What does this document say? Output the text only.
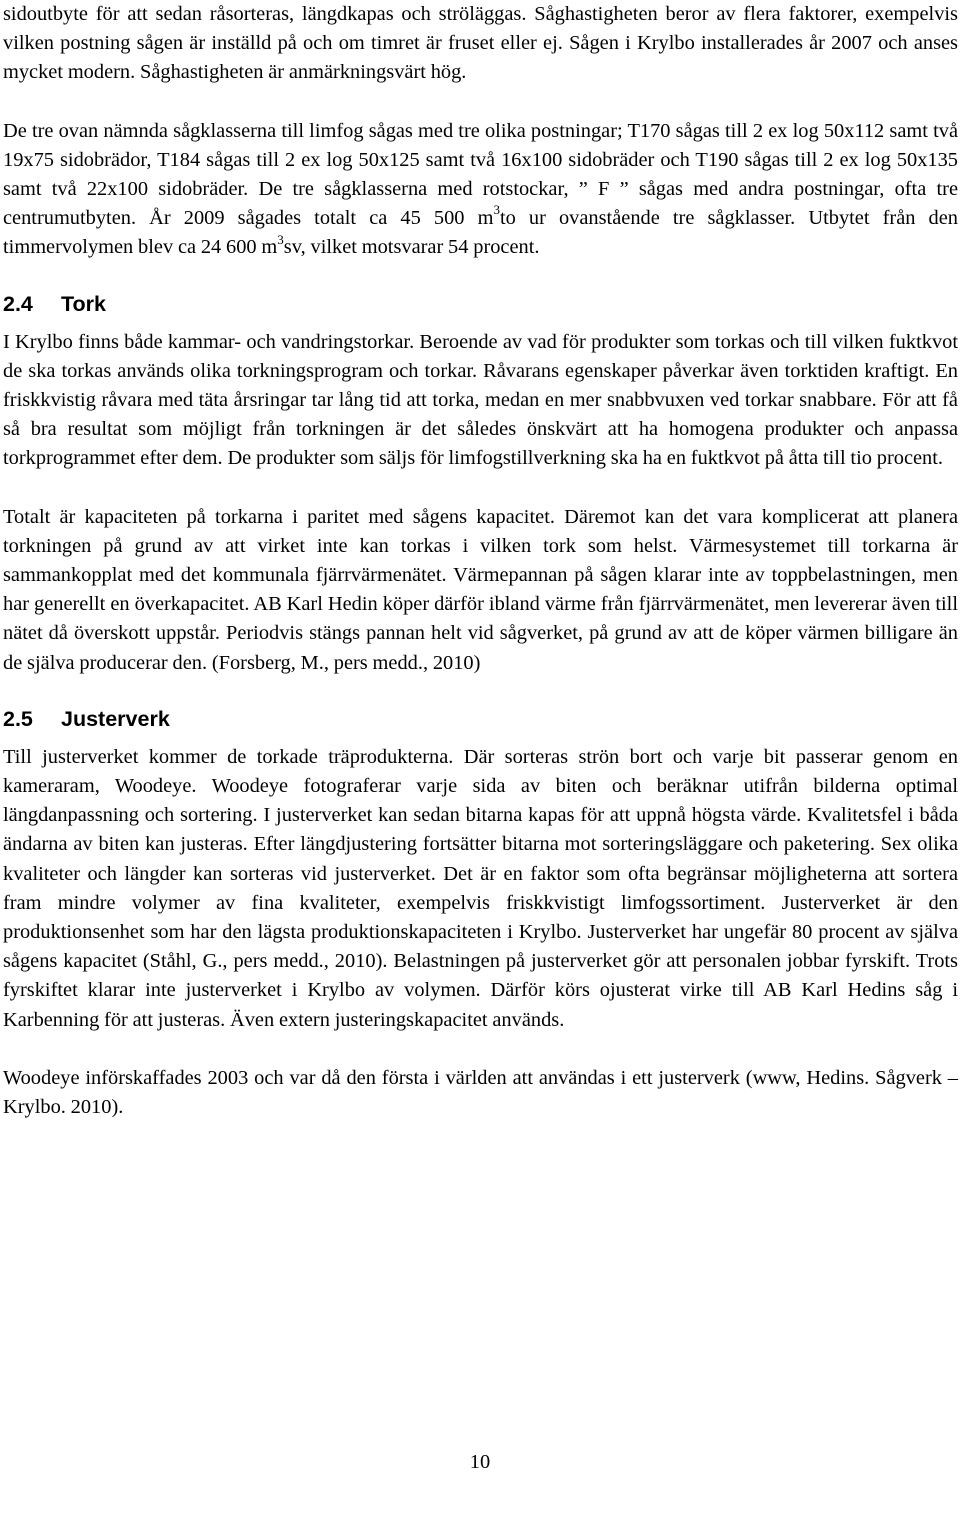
sidoutbyte för att sedan råsorteras, längdkapas och ströläggas. Såghastigheten beror av flera faktorer, exempelvis vilken postning sågen är inställd på och om timret är fruset eller ej. Sågen i Krylbo installerades år 2007 och anses mycket modern. Såghastigheten är anmärkningsvärt hög.

De tre ovan nämnda sågklasserna till limfog sågas med tre olika postningar; T170 sågas till 2 ex log 50x112 samt två 19x75 sidobrädor, T184 sågas till 2 ex log 50x125 samt två 16x100 sidobräder och T190 sågas till 2 ex log 50x135 samt två 22x100 sidobräder. De tre sågklasserna med rotstockar, ” F ” sågas med andra postningar, ofta tre centrumutbyten. År 2009 sågades totalt ca 45 500 $m^3to$ ur ovanstående tre sågklasser. Utbytet från den timmervolymen blev ca 24 600 $m^3sv$, vilket motsvarar 54 procent.

2.4 Tork

I Krylbo finns både kammar- och vandringstorkar. Beroende av vad för produkter som torkas och till vilken fuktkvot de ska torkas används olika torkningsprogram och torkar. Råvarans egenskaper påverkar även torktiden kraftigt. En friskkvistig råvara med täta årsringar tar lång tid att torka, medan en mer snabbvuxen ved torkar snabbare. För att få så bra resultat som möjligt från torkningen är det således önskvärt att ha homogena produkter och anpassa torkprogrammet efter dem. De produkter som säljs för limfogstillverkning ska ha en fuktkvot på åtta till tio procent.

Totalt är kapaciteten på torkarna i paritet med sågens kapacitet. Däremot kan det vara komplicerat att planera torkningen på grund av att virket inte kan torkas i vilken tork som helst. Värmesystemet till torkarna är sammankopplat med det kommunala fjärrvärmenätet. Värmepannan på sågen klarar inte av toppbelastningen, men har generellt en överkapacitet. AB Karl Hedin köper därför ibland värme från fjärrvärmenätet, men levererar även till nätet då överskott uppstår. Periodvis stängs pannan helt vid sågverket, på grund av att de köper värmen billigare än de själva producerar den. (Forsberg, M., pers medd., 2010)

2.5 Justerverk

Till justerverket kommer de torkade träprodukterna. Där sorteras strön bort och varje bit passerar genom en kameraram, Woodeye. Woodeye fotograferar varje sida av biten och beräknar utifrån bilderna optimal längdanpassning och sortering. I justerverket kan sedan bitarna kapas för att uppnå högsta värde. Kvalitetsfel i båda ändarna av biten kan justeras. Efter längdjustering fortsätter bitarna mot sorteringsläggare och paketering. Sex olika kvaliteter och längder kan sorteras vid justerverket. Det är en faktor som ofta begränsar möjligheterna att sortera fram mindre volymer av fina kvaliteter, exempelvis friskkvistigt limfogssortiment. Justerverket är den produktionsenhet som har den lägsta produktionskapaciteten i Krylbo. Justerverket har ungefär 80 procent av själva sågens kapacitet (Ståhl, G., pers medd., 2010). Belastningen på justerverket gör att personalen jobbar fyrskift. Trots fyrskiftet klarar inte justerverket i Krylbo av volymen. Därför körs ojusterat virke till AB Karl Hedins såg i Karbenning för att justeras. Även extern justeringskapacitet används.

Woodeye införskaffades 2003 och var då den första i världen att användas i ett justerverk (www, Hedins. Sågverk – Krylbo. 2010).

10
